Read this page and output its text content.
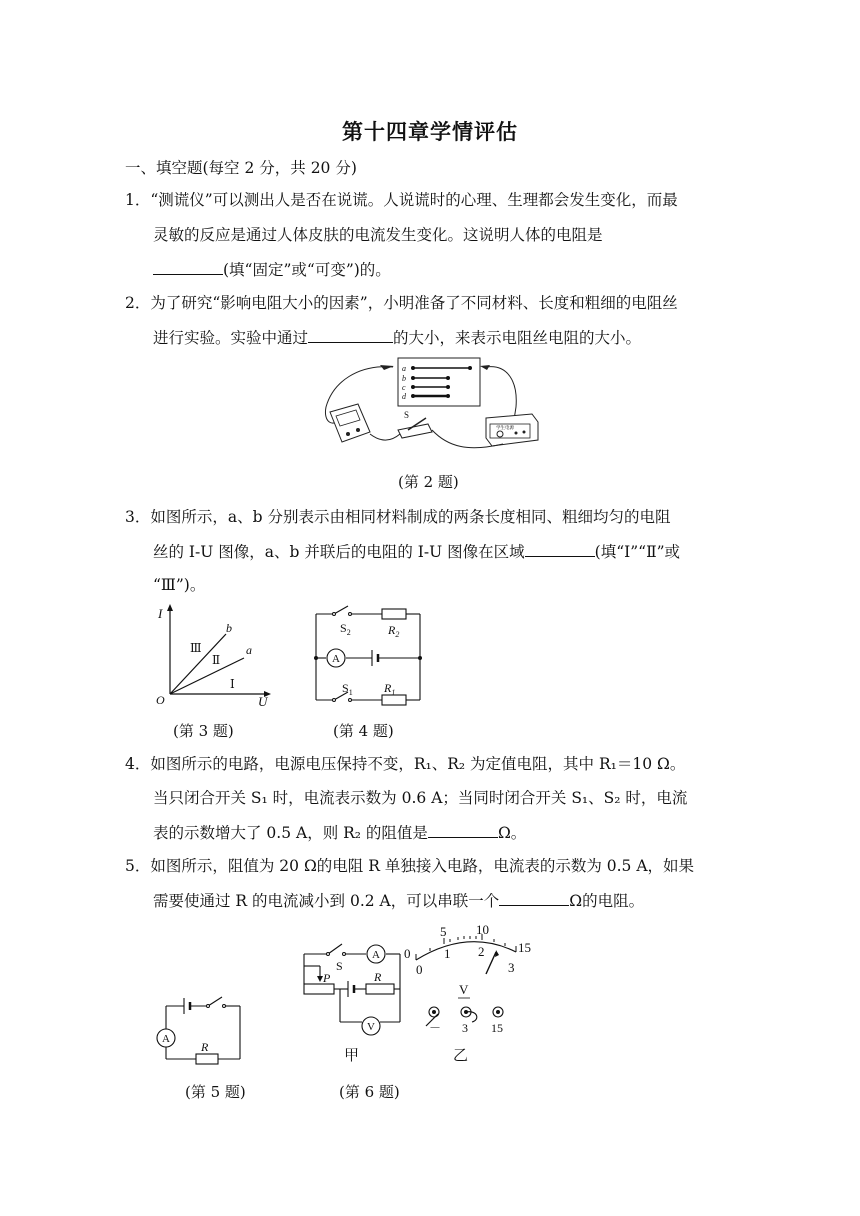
第十四章学情评估
一、填空题(每空 2 分，共 20 分)
1．“测谎仪”可以测出人是否在说谎。人说谎时的心理、生理都会发生变化，而最
灵敏的反应是通过人体皮肤的电流发生变化。这说明人体的电阻是
(填“固定”或“可变”)的。
2．为了研究“影响电阻大小的因素”，小明准备了不同材料、长度和粗细的电阻丝
进行实验。实验中通过	的大小，来表示电阻丝电阻的大小。
a
b
c
d
S
学生电源
(第 2 题)
3．如图所示，a、b 分别表示由相同材料制成的两条长度相同、粗细均匀的电阻
丝的 I-U 图像，a、b 并联后的电阻的 I-U 图像在区域	(填“Ⅰ”“Ⅱ”或
“Ⅲ”)。
I
U
O
b
a
Ⅲ
Ⅱ
Ⅰ
(第 3 题)
A
$S_2$	$R_2$
$S_1$	$R_1$
(第 4 题)
4．如图所示的电路，电源电压保持不变，R₁、R₂ 为定值电阻，其中 R₁＝10 Ω。
当只闭合开关 S₁ 时，电流表示数为 0.6 A；当同时闭合开关 S₁、S₂ 时，电流
表的示数增大了 0.5 A，则 R₂ 的阻值是	Ω。
5．如图所示，阻值为 20 Ω的电阻 R 单独接入电路，电流表的示数为 0.5 A，如果
需要使通过 R 的电流减小到 0.2 A，可以串联一个	Ω的电阻。
A
R
(第 5 题)
S
A
P	R
V
0
5 10
15
0
1 2
3
V
－ 3 15
甲	乙
(第 6 题)
